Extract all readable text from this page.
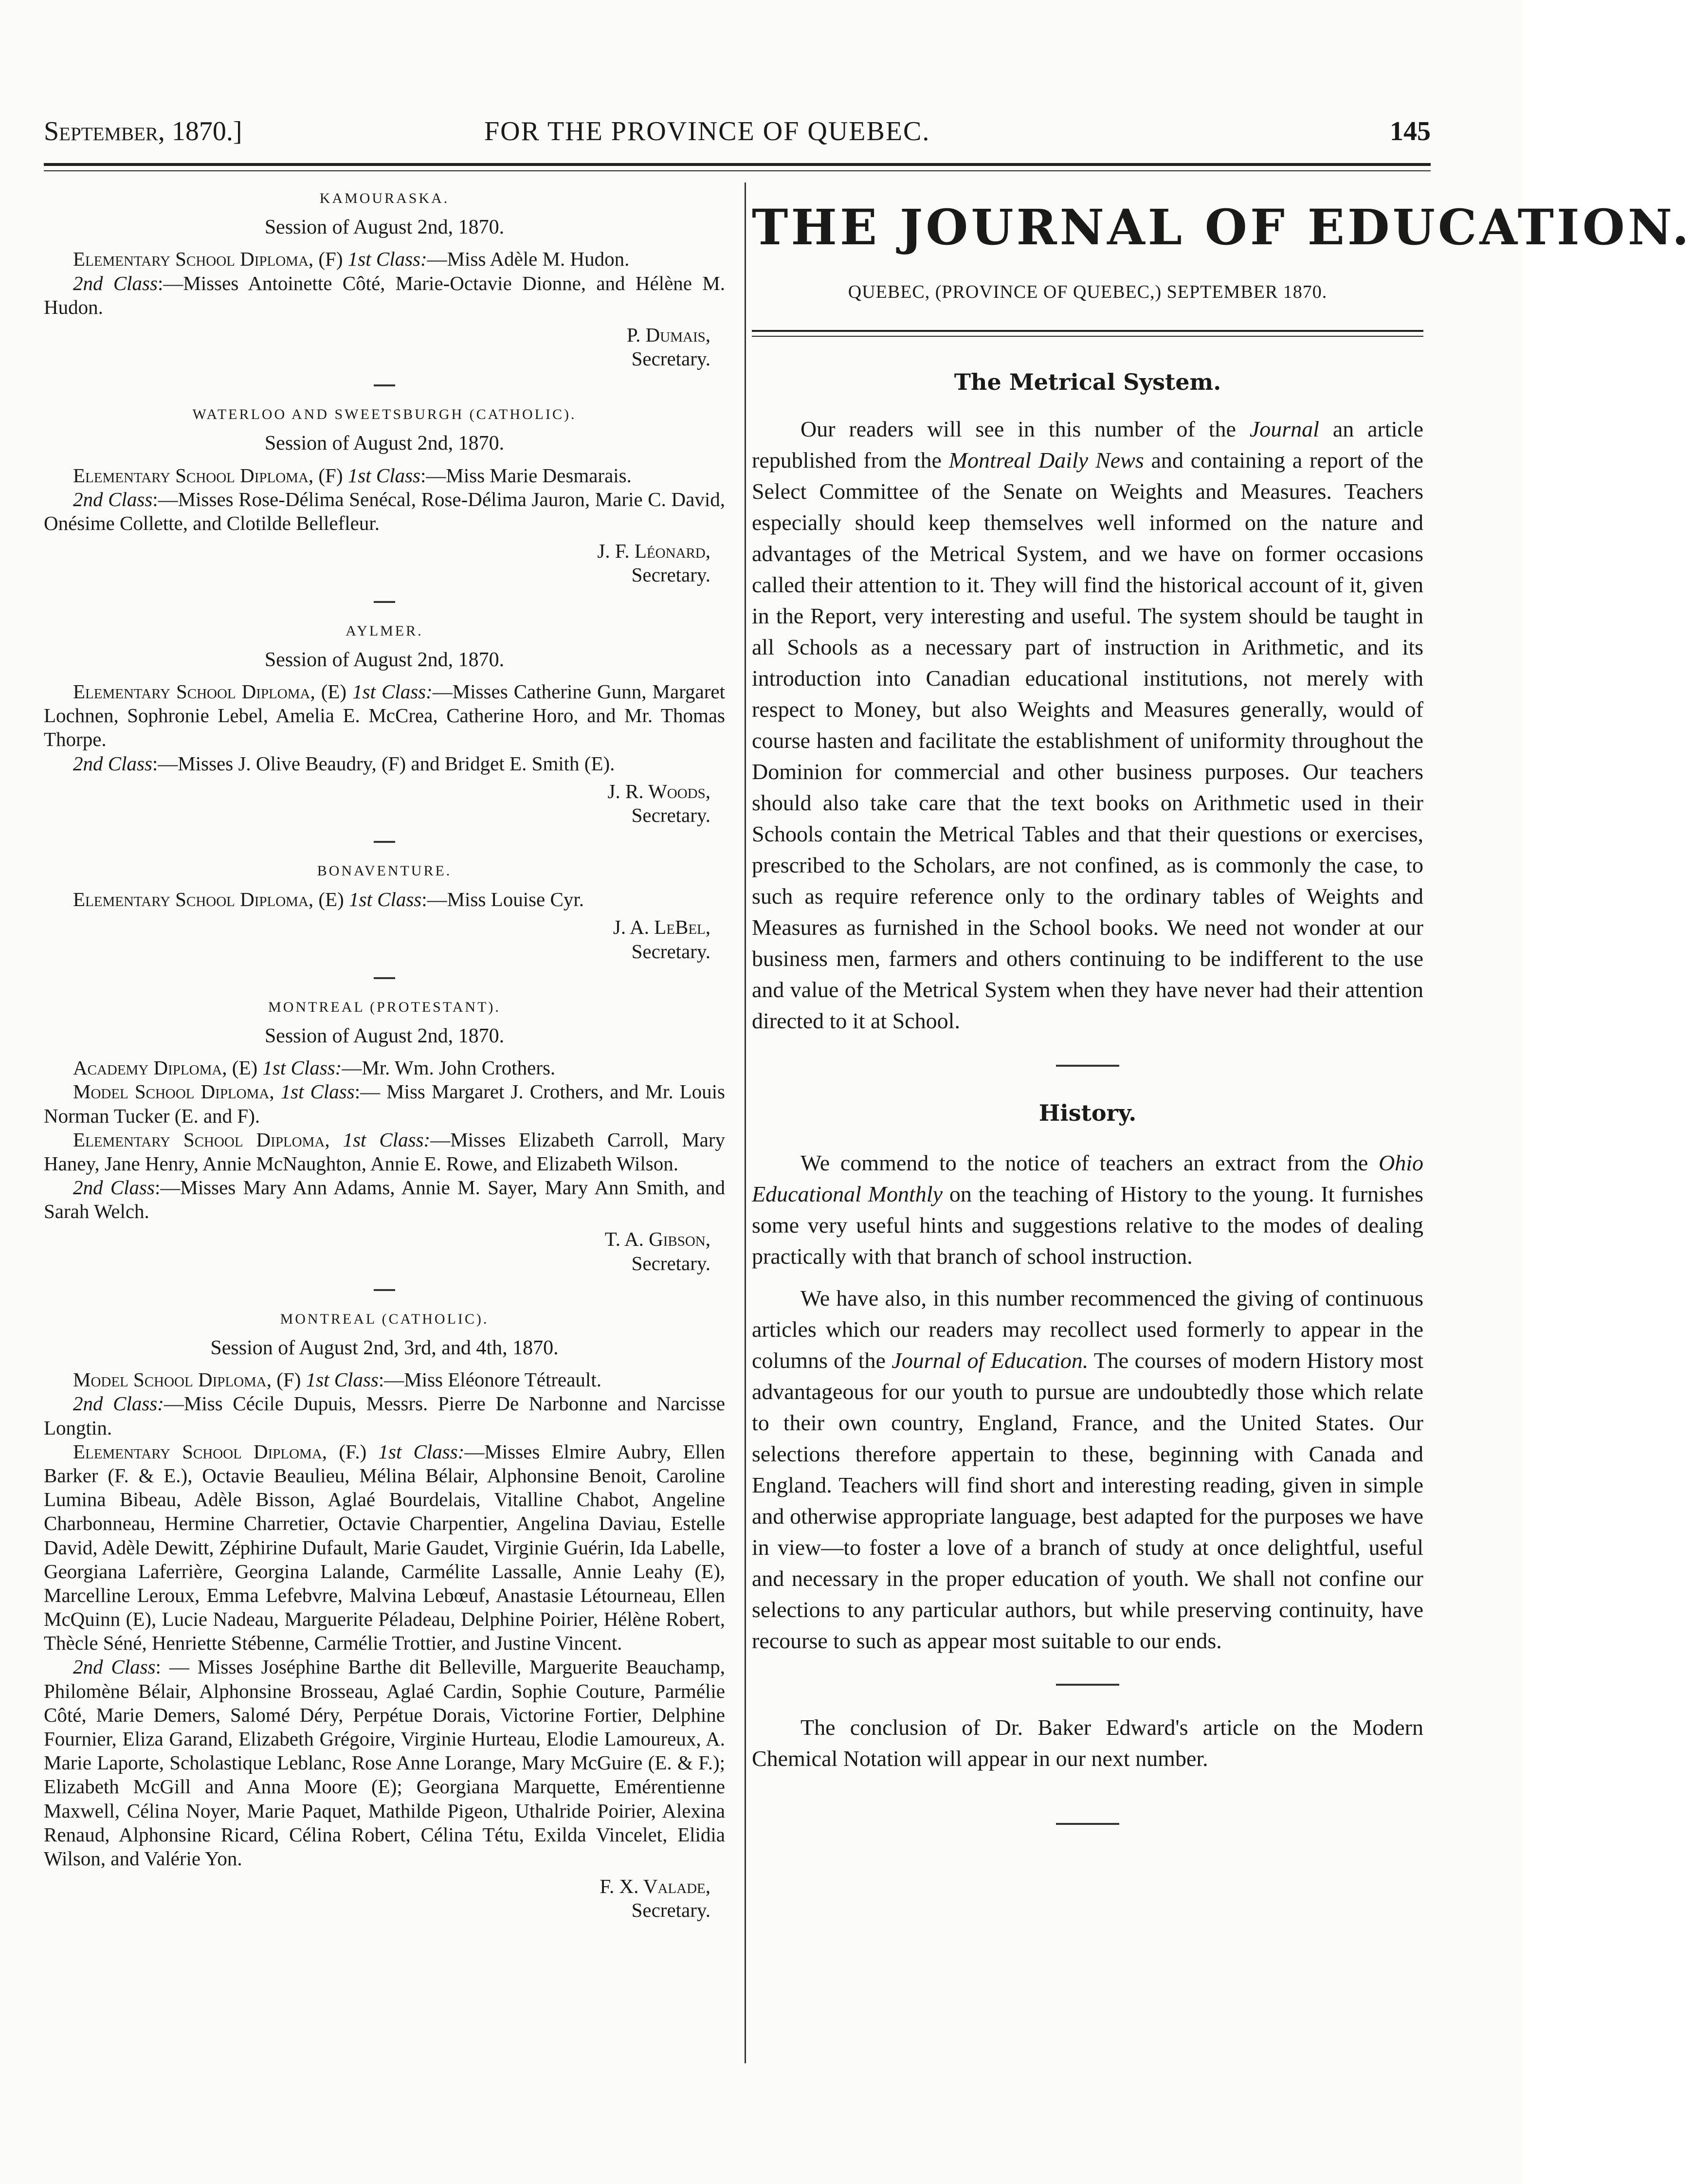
September, 1870.]	FOR THE PROVINCE OF QUEBEC.	145
KAMOURASKA.
Session of August 2nd, 1870.

Elementary School Diploma, (F) 1st Class:—Miss Adèle M. Hudon.

2nd Class:—Misses Antoinette Côté, Marie-Octavie Dionne, and Hélène M. Hudon.

P. Dumais,
Secretary.
WATERLOO AND SWEETSBURGH (CATHOLIC).
Session of August 2nd, 1870.

Elementary School Diploma, (F) 1st Class:—Miss Marie Desmarais.

2nd Class:—Misses Rose-Délima Senécal, Rose-Délima Jauron, Marie C. David, Onésime Collette, and Clotilde Bellefleur.

J. F. Léonard,
Secretary.
AYLMER.
Session of August 2nd, 1870.

Elementary School Diploma, (E) 1st Class:—Misses Catherine Gunn, Margaret Lochnen, Sophronie Lebel, Amelia E. McCrea, Catherine Horo, and Mr. Thomas Thorpe.

2nd Class:—Misses J. Olive Beaudry, (F) and Bridget E. Smith (E).

J. R. Woods,
Secretary.
BONAVENTURE.

Elementary School Diploma, (E) 1st Class:—Miss Louise Cyr.

J. A. LeBel,
Secretary.
MONTREAL (PROTESTANT).
Session of August 2nd, 1870.

Academy Diploma, (E) 1st Class:—Mr. Wm. John Crothers.

Model School Diploma, 1st Class:— Miss Margaret J. Crothers, and Mr. Louis Norman Tucker (E. and F).

Elementary School Diploma, 1st Class:—Misses Elizabeth Carroll, Mary Haney, Jane Henry, Annie McNaughton, Annie E. Rowe, and Elizabeth Wilson.

2nd Class:—Misses Mary Ann Adams, Annie M. Sayer, Mary Ann Smith, and Sarah Welch.

T. A. Gibson,
Secretary.
MONTREAL (CATHOLIC).
Session of August 2nd, 3rd, and 4th, 1870.

Model School Diploma, (F) 1st Class:—Miss Eléonore Tétreault.

2nd Class:—Miss Cécile Dupuis, Messrs. Pierre De Narbonne and Narcisse Longtin.

Elementary School Diploma, (F.) 1st Class:—Misses Elmire Aubry, Ellen Barker (F. & E.), Octavie Beaulieu, Mélina Bélair, Alphonsine Benoit, Caroline Lumina Bibeau, Adèle Bisson, Aglaé Bourdelais, Vitalline Chabot, Angeline Charbonneau, Hermine Charretier, Octavie Charpentier, Angelina Daviau, Estelle David, Adèle Dewitt, Zéphirine Dufault, Marie Gaudet, Virginie Guérin, Ida Labelle, Georgiana Laferrière, Georgina Lalande, Carmélite Lassalle, Annie Leahy (E), Marcelline Leroux, Emma Lefebvre, Malvina Lebœuf, Anastasie Létourneau, Ellen McQuinn (E), Lucie Nadeau, Marguerite Péladeau, Delphine Poirier, Hélène Robert, Thècle Séné, Henriette Stébenne, Carmélie Trottier, and Justine Vincent.

2nd Class: — Misses Joséphine Barthe dit Belleville, Marguerite Beauchamp, Philomène Bélair, Alphonsine Brosseau, Aglaé Cardin, Sophie Couture, Parmélie Côté, Marie Demers, Salomé Déry, Perpétue Dorais, Victorine Fortier, Delphine Fournier, Eliza Garand, Elizabeth Grégoire, Virginie Hurteau, Elodie Lamoureux, A. Marie Laporte, Scholastique Leblanc, Rose Anne Lorange, Mary McGuire (E. & F.); Elizabeth McGill and Anna Moore (E); Georgiana Marquette, Emérentienne Maxwell, Célina Noyer, Marie Paquet, Mathilde Pigeon, Uthalride Poirier, Alexina Renaud, Alphonsine Ricard, Célina Robert, Célina Tétu, Exilda Vincelet, Elidia Wilson, and Valérie Yon.

F. X. Valade,
Secretary.
THE JOURNAL OF EDUCATION.
QUEBEC, (PROVINCE OF QUEBEC,) SEPTEMBER 1870.
The Metrical System.

Our readers will see in this number of the Journal an article republished from the Montreal Daily News and containing a report of the Select Committee of the Senate on Weights and Measures. Teachers especially should keep themselves well informed on the nature and advantages of the Metrical System, and we have on former occasions called their attention to it. They will find the historical account of it, given in the Report, very interesting and useful. The system should be taught in all Schools as a necessary part of instruction in Arithmetic, and its introduction into Canadian educational institutions, not merely with respect to Money, but also Weights and Measures generally, would of course hasten and facilitate the establishment of uniformity throughout the Dominion for commercial and other business purposes. Our teachers should also take care that the text books on Arithmetic used in their Schools contain the Metrical Tables and that their questions or exercises, prescribed to the Scholars, are not confined, as is commonly the case, to such as require reference only to the ordinary tables of Weights and Measures as furnished in the School books. We need not wonder at our business men, farmers and others continuing to be indifferent to the use and value of the Metrical System when they have never had their attention directed to it at School.

History.

We commend to the notice of teachers an extract from the Ohio Educational Monthly on the teaching of History to the young. It furnishes some very useful hints and suggestions relative to the modes of dealing practically with that branch of school instruction.

We have also, in this number recommenced the giving of continuous articles which our readers may recollect used formerly to appear in the columns of the Journal of Education. The courses of modern History most advantageous for our youth to pursue are undoubtedly those which relate to their own country, England, France, and the United States. Our selections therefore appertain to these, beginning with Canada and England. Teachers will find short and interesting reading, given in simple and otherwise appropriate language, best adapted for the purposes we have in view—to foster a love of a branch of study at once delightful, useful and necessary in the proper education of youth. We shall not confine our selections to any particular authors, but while preserving continuity, have recourse to such as appear most suitable to our ends.

The conclusion of Dr. Baker Edward's article on the Modern Chemical Notation will appear in our next number.
